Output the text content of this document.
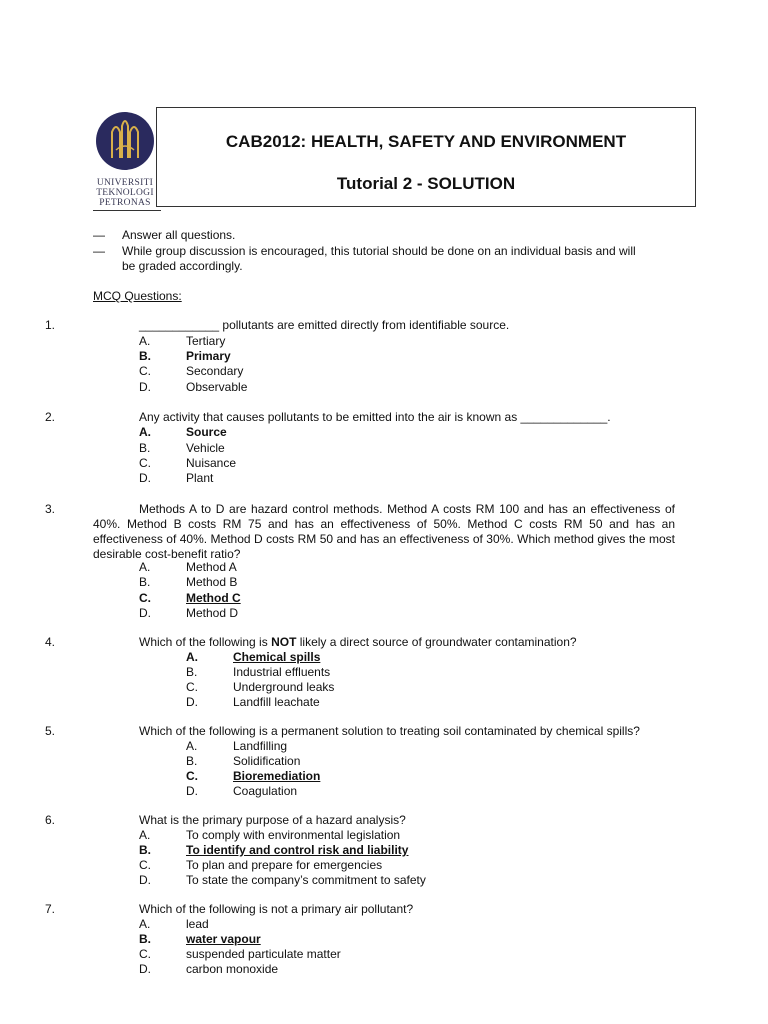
UNIVERSITI
TEKNOLOGI
PETRONAS
CAB2012: HEALTH, SAFETY AND ENVIRONMENT
Tutorial 2 - SOLUTION
— Answer all questions.
— While group discussion is encouraged, this tutorial should be done on an individual basis and will
be graded accordingly.
MCQ Questions:
1.	____________ pollutants are emitted directly from identifiable source.
A.	Tertiary
B.	Primary
C.	Secondary
D.	Observable
2.	Any activity that causes pollutants to be emitted into the air is known as _____________.
A.	Source
B.	Vehicle
C.	Nuisance
D.	Plant
3.	Methods A to D are hazard control methods. Method A costs RM 100 and has an effectiveness of 40%. Method B costs RM 75 and has an effectiveness of 50%. Method C costs RM 50 and has an effectiveness of 40%. Method D costs RM 50 and has an effectiveness of 30%. Which method gives the most desirable cost-benefit ratio?
A.	Method A
B.	Method B
C.	Method C
D.	Method D
4.	Which of the following is NOT likely a direct source of groundwater contamination?
A.	Chemical spills
B.	Industrial effluents
C.	Underground leaks
D.	Landfill leachate
5.	Which of the following is a permanent solution to treating soil contaminated by chemical spills?
A.	Landfilling
B.	Solidification
C.	Bioremediation
D.	Coagulation
6.	What is the primary purpose of a hazard analysis?
A.	To comply with environmental legislation
B.	To identify and control risk and liability
C.	To plan and prepare for emergencies
D.	To state the company’s commitment to safety
7.	Which of the following is not a primary air pollutant?
A.	lead
B.	water vapour
C.	suspended particulate matter
D.	carbon monoxide
